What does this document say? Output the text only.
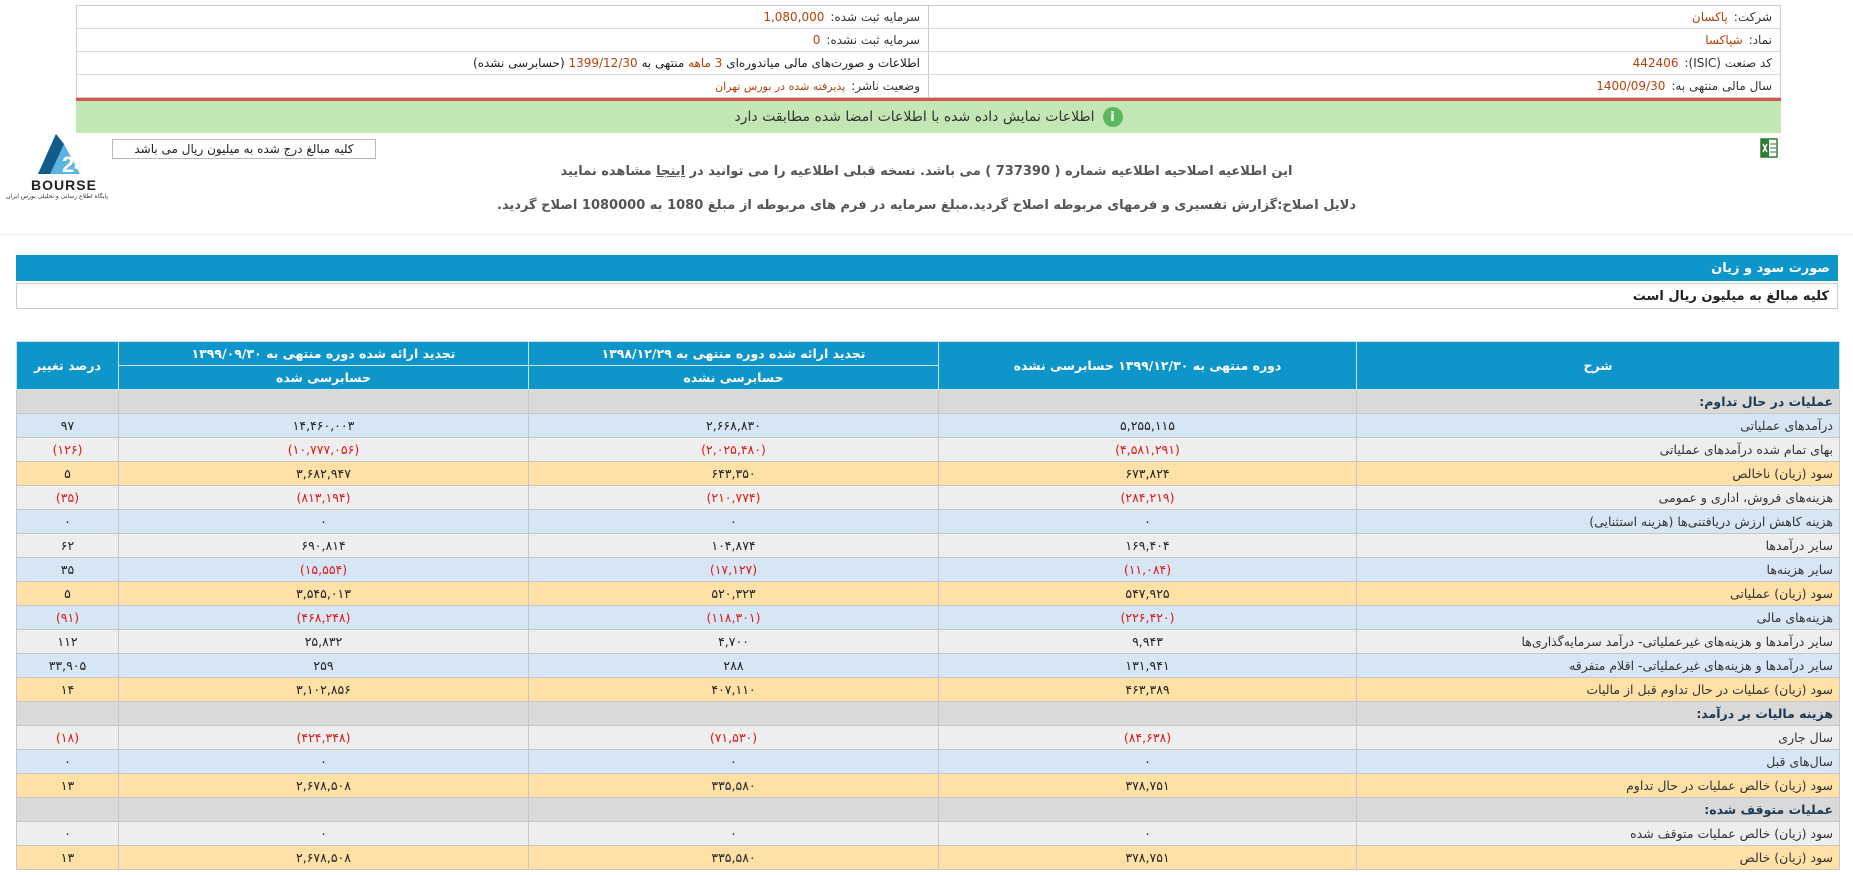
شرکت:
پاکسان
سرمایه ثبت شده:
1,080,000
نماد:
شپاکسا
سرمایه ثبت نشده:
0
کد صنعت (ISIC):
442406
اطلاعات و صورت‌های مالی میاندوره‌ای

3 ماهه

منتهی به

1399/12/30

(حسابرسی نشده)
سال مالی منتهی به:
1400/09/30
وضعیت ناشر:
پذیرفته شده در بورس تهران
i
اطلاعات نمایش داده شده با اطلاعات امضا شده مطابقت دارد
24
BOURSE
پایگاه اطلاع رسانی و تحلیلی بورس ایران
کلیه مبالغ درج شده به میلیون ریال می باشد
این اطلاعیه اصلاحیه اطلاعیه شماره ( 737390 ) می باشد. نسخه قبلی اطلاعیه را می توانید در اینجا مشاهده نمایید
دلایل اصلاح:گزارش تفسیری و فرمهای مربوطه اصلاح گردید.مبلغ سرمایه در فرم های مربوطه از مبلغ 1080 به 1080000 اصلاح گردید.
صورت سود و زیان
کلیه مبالغ به میلیون ریال است
شرح	دوره منتهی به ۱۳۹۹/۱۲/۳۰ حسابرسی نشده	تجدید ارائه شده دوره منتهی به ۱۳۹۸/۱۲/۲۹	تجدید ارائه شده دوره منتهی به ۱۳۹۹/۰۹/۳۰	درصد تغییر
		حسابرسی نشده	حسابرسی شده	
عملیات در حال تداوم:				
درآمدهای عملیاتی	۵,۲۵۵,۱۱۵	۲,۶۶۸,۸۳۰	۱۴,۴۶۰,۰۰۳	۹۷
بهای تمام شده درآمدهای عملیاتی	(۴,۵۸۱,۲۹۱)	(۲,۰۲۵,۴۸۰)	(۱۰,۷۷۷,۰۵۶)	(۱۲۶)
سود (زیان) ناخالص	۶۷۳,۸۲۴	۶۴۳,۳۵۰	۳,۶۸۲,۹۴۷	۵
هزینه‌های فروش، اداری و عمومی	(۲۸۴,۲۱۹)	(۲۱۰,۷۷۴)	(۸۱۳,۱۹۴)	(۳۵)
هزینه کاهش ارزش دریافتنی‌ها (هزینه استثنایی)	۰	۰	۰	۰
سایر درآمدها	۱۶۹,۴۰۴	۱۰۴,۸۷۴	۶۹۰,۸۱۴	۶۲
سایر هزینه‌ها	(۱۱,۰۸۴)	(۱۷,۱۲۷)	(۱۵,۵۵۴)	۳۵
سود (زیان) عملیاتی	۵۴۷,۹۲۵	۵۲۰,۳۲۳	۳,۵۴۵,۰۱۳	۵
هزینه‌های مالی	(۲۲۶,۴۲۰)	(۱۱۸,۳۰۱)	(۴۶۸,۲۴۸)	(۹۱)
سایر درآمدها و هزینه‌های غیرعملیاتی- درآمد سرمایه‌گذاری‌ها	۹,۹۴۳	۴,۷۰۰	۲۵,۸۳۲	۱۱۲
سایر درآمدها و هزینه‌های غیرعملیاتی- اقلام متفرقه	۱۳۱,۹۴۱	۲۸۸	۲۵۹	۳۳,۹۰۵
سود (زیان) عملیات در حال تداوم قبل از مالیات	۴۶۳,۳۸۹	۴۰۷,۱۱۰	۳,۱۰۲,۸۵۶	۱۴
هزینه مالیات بر درآمد:				
سال جاری	(۸۴,۶۳۸)	(۷۱,۵۳۰)	(۴۲۴,۳۴۸)	(۱۸)
سال‌های قبل	۰	۰	۰	۰
سود (زیان) خالص عملیات در حال تداوم	۳۷۸,۷۵۱	۳۳۵,۵۸۰	۲,۶۷۸,۵۰۸	۱۳
عملیات متوقف شده:				
سود (زیان) خالص عملیات متوقف شده	۰	۰	۰	۰
سود (زیان) خالص	۳۷۸,۷۵۱	۳۳۵,۵۸۰	۲,۶۷۸,۵۰۸	۱۳
